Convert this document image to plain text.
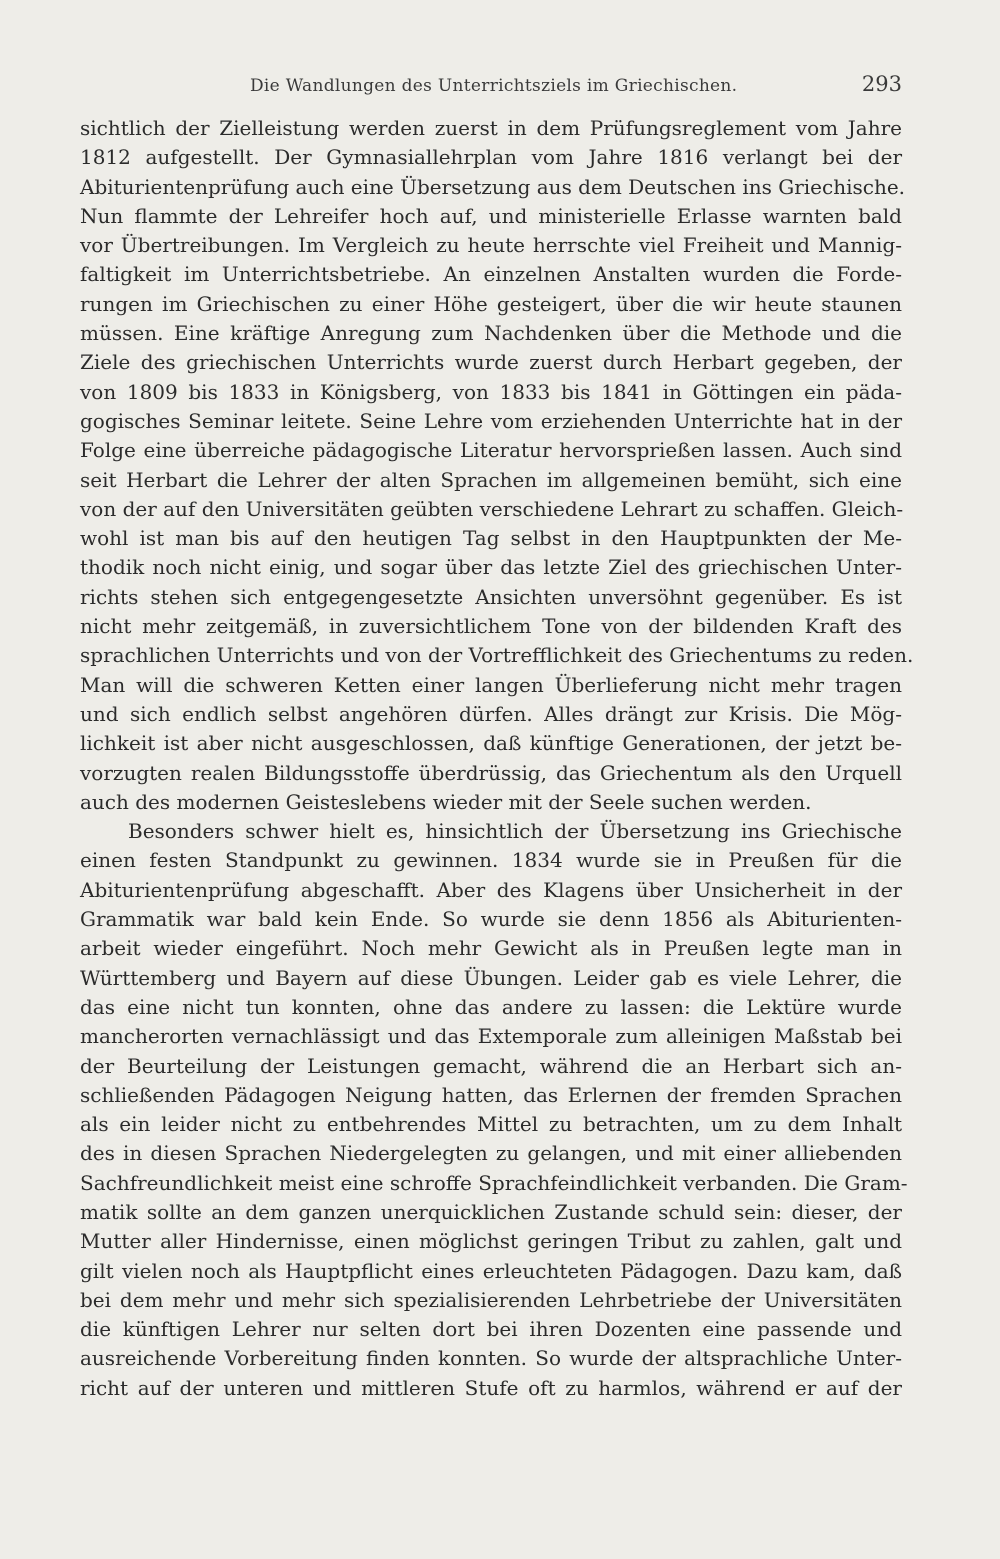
Die Wandlungen des Unterrichtsziels im Griechischen.	293
sichtlich der Zielleistung werden zuerst in dem Prüfungsreglement vom Jahre
1812 aufgestellt. Der Gymnasiallehrplan vom Jahre 1816 verlangt bei der
Abiturientenprüfung auch eine Übersetzung aus dem Deutschen ins Griechische.
Nun flammte der Lehreifer hoch auf, und ministerielle Erlasse warnten bald
vor Übertreibungen. Im Vergleich zu heute herrschte viel Freiheit und Mannig-
faltigkeit im Unterrichtsbetriebe. An einzelnen Anstalten wurden die Forde-
rungen im Griechischen zu einer Höhe gesteigert, über die wir heute staunen
müssen. Eine kräftige Anregung zum Nachdenken über die Methode und die
Ziele des griechischen Unterrichts wurde zuerst durch Herbart gegeben, der
von 1809 bis 1833 in Königsberg, von 1833 bis 1841 in Göttingen ein päda-
gogisches Seminar leitete. Seine Lehre vom erziehenden Unterrichte hat in der
Folge eine überreiche pädagogische Literatur hervorsprießen lassen. Auch sind
seit Herbart die Lehrer der alten Sprachen im allgemeinen bemüht, sich eine
von der auf den Universitäten geübten verschiedene Lehrart zu schaffen. Gleich-
wohl ist man bis auf den heutigen Tag selbst in den Hauptpunkten der Me-
thodik noch nicht einig, und sogar über das letzte Ziel des griechischen Unter-
richts stehen sich entgegengesetzte Ansichten unversöhnt gegenüber. Es ist
nicht mehr zeitgemäß, in zuversichtlichem Tone von der bildenden Kraft des
sprachlichen Unterrichts und von der Vortrefflichkeit des Griechentums zu reden.
Man will die schweren Ketten einer langen Überlieferung nicht mehr tragen
und sich endlich selbst angehören dürfen. Alles drängt zur Krisis. Die Mög-
lichkeit ist aber nicht ausgeschlossen, daß künftige Generationen, der jetzt be-
vorzugten realen Bildungsstoffe überdrüssig, das Griechentum als den Urquell
auch des modernen Geisteslebens wieder mit der Seele suchen werden.
Besonders schwer hielt es, hinsichtlich der Übersetzung ins Griechische
einen festen Standpunkt zu gewinnen. 1834 wurde sie in Preußen für die
Abiturientenprüfung abgeschafft. Aber des Klagens über Unsicherheit in der
Grammatik war bald kein Ende. So wurde sie denn 1856 als Abiturienten-
arbeit wieder eingeführt. Noch mehr Gewicht als in Preußen legte man in
Württemberg und Bayern auf diese Übungen. Leider gab es viele Lehrer, die
das eine nicht tun konnten, ohne das andere zu lassen: die Lektüre wurde
mancherorten vernachlässigt und das Extemporale zum alleinigen Maßstab bei
der Beurteilung der Leistungen gemacht, während die an Herbart sich an-
schließenden Pädagogen Neigung hatten, das Erlernen der fremden Sprachen
als ein leider nicht zu entbehrendes Mittel zu betrachten, um zu dem Inhalt
des in diesen Sprachen Niedergelegten zu gelangen, und mit einer alliebenden
Sachfreundlichkeit meist eine schroffe Sprachfeindlichkeit verbanden. Die Gram-
matik sollte an dem ganzen unerquicklichen Zustande schuld sein: dieser, der
Mutter aller Hindernisse, einen möglichst geringen Tribut zu zahlen, galt und
gilt vielen noch als Hauptpflicht eines erleuchteten Pädagogen. Dazu kam, daß
bei dem mehr und mehr sich spezialisierenden Lehrbetriebe der Universitäten
die künftigen Lehrer nur selten dort bei ihren Dozenten eine passende und
ausreichende Vorbereitung finden konnten. So wurde der altsprachliche Unter-
richt auf der unteren und mittleren Stufe oft zu harmlos, während er auf der
